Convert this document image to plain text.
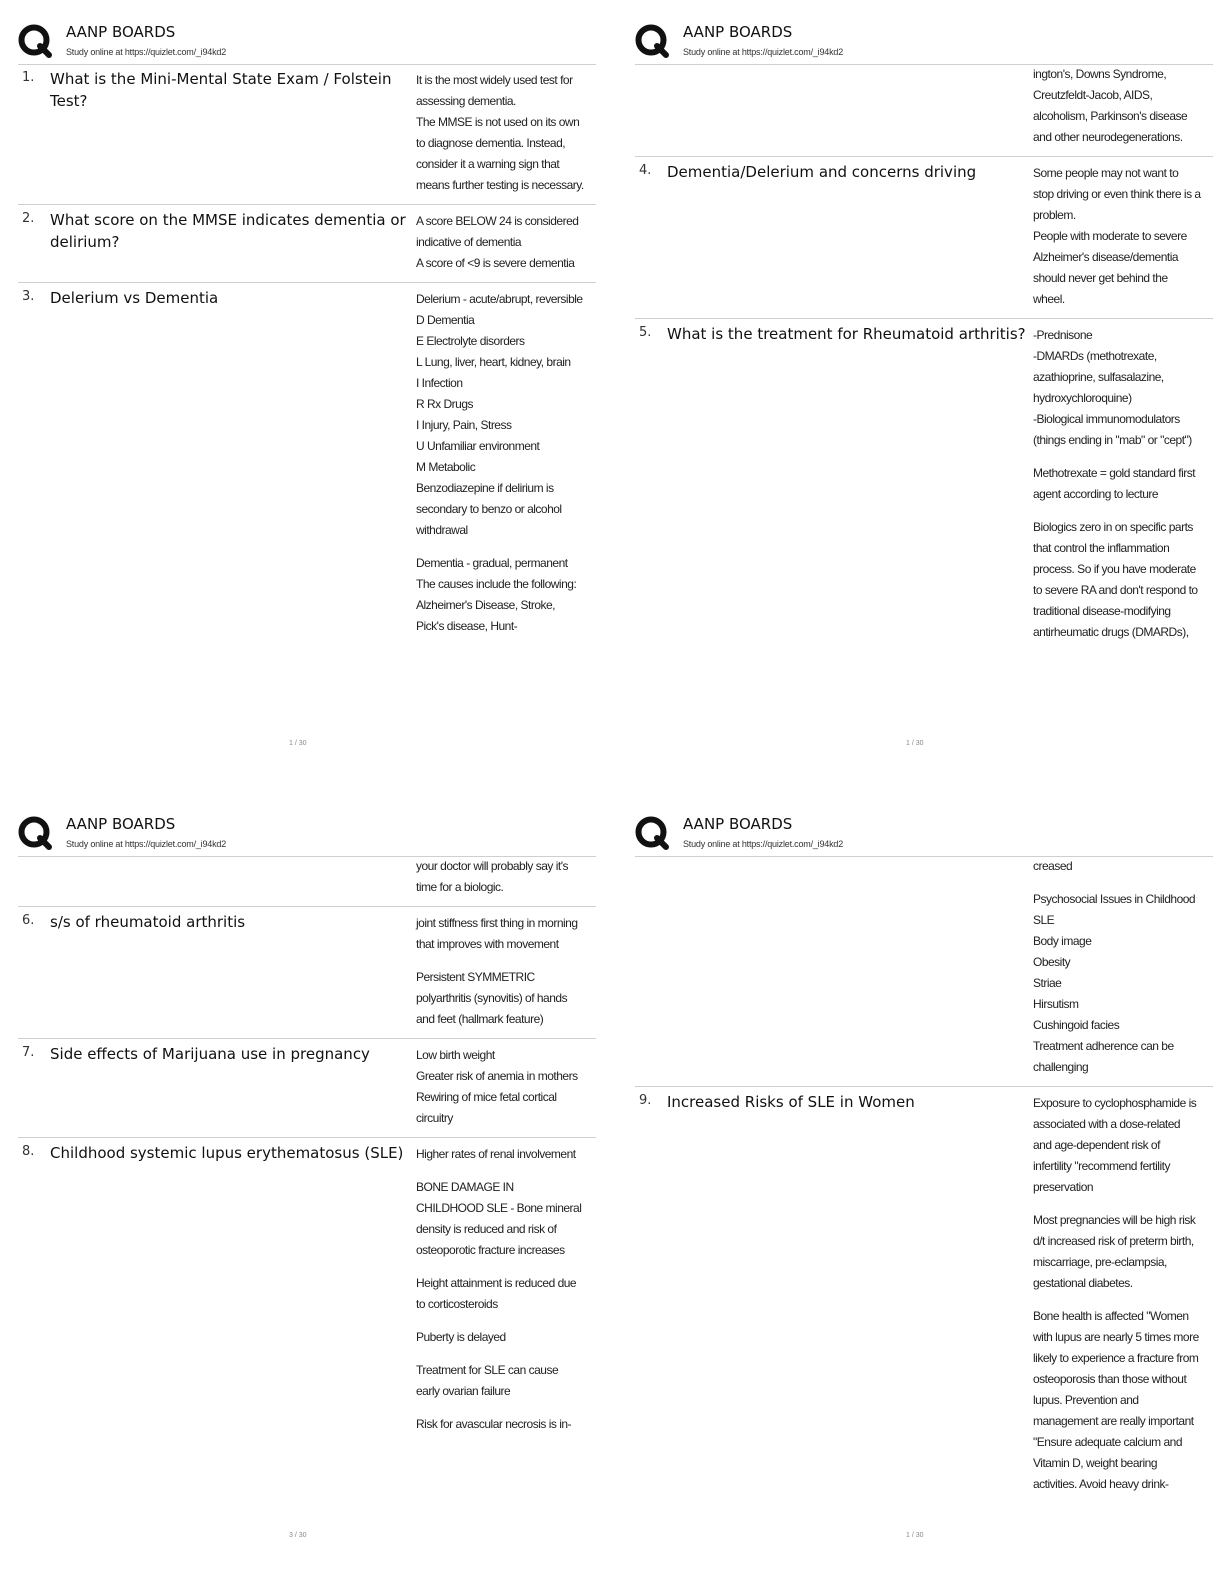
AANP BOARDS
Study online at https://quizlet.com/_i94kd2
1. What is the Mini-Mental State Exam / Folstein Test?

It is the most widely used test for assessing dementia.
The MMSE is not used on its own to diagnose dementia. Instead, consider it a warning sign that means further testing is necessary.

2. What score on the MMSE indicates dementia or delirium?

A score BELOW 24 is considered indicative of dementia
A score of <9 is severe dementia

3. Delerium vs Dementia	Delerium - acute/abrupt, reversible
D Dementia
E Electrolyte disorders
L Lung, liver, heart, kidney, brain
I Infection
R Rx Drugs
I Injury, Pain, Stress
U Unfamiliar environment
M Metabolic
Benzodiazepine if delirium is secondary to benzo or alcohol withdrawal

Dementia - gradual, permanent
The causes include the following: Alzheimer's Disease, Stroke, Pick's disease, Hunt-

1 / 30
AANP BOARDS
Study online at https://quizlet.com/_i94kd2

ington's, Downs Syndrome, Creutzfeldt-Jacob, AIDS, alcoholism, Parkinson's disease and other neurodegenerations.

4. Dementia/Delerium and concerns driving	Some people may not want to stop driving or even think there is a problem.
People with moderate to severe Alzheimer's disease/dementia should never get behind the wheel.

5. What is the treatment for Rheumatoid arthritis? -Prednisone
-DMARDs (methotrexate, azathioprine, sulfasalazine, hydroxychloroquine)
-Biological immunomodulators (things ending in "mab" or "cept")

Methotrexate = gold standard first agent according to lecture

Biologics zero in on specific parts that control the inflammation process. So if you have moderate to severe RA and don't respond to traditional disease-modifying antirheumatic drugs (DMARDs),

1 / 30
AANP BOARDS
Study online at https://quizlet.com/_i94kd2

your doctor will probably say it's time for a biologic.

6. s/s of rheumatoid arthritis	joint stiffness first thing in morning that improves with movement

Persistent SYMMETRIC polyarthritis (synovitis) of hands and feet (hallmark feature)

7. Side effects of Marijuana use in pregnancy	Low birth weight
Greater risk of anemia in mothers
Rewiring of mice fetal cortical circuitry

8. Childhood systemic lupus erythematosus (SLE)	Higher rates of renal involvement

BONE DAMAGE IN CHILDHOOD SLE - Bone mineral density is reduced and risk of osteoporotic fracture increases

Height attainment is reduced due to corticosteroids

Puberty is delayed

Treatment for SLE can cause early ovarian failure

Risk for avascular necrosis is in-

3 / 30
AANP BOARDS
Study online at https://quizlet.com/_i94kd2

creased

Psychosocial Issues in Childhood SLE
Body image
Obesity
Striae
Hirsutism
Cushingoid facies
Treatment adherence can be challenging

9. Increased Risks of SLE in Women	Exposure to cyclophosphamide is associated with a dose-related and age-dependent risk of infertility "recommend fertility preservation

Most pregnancies will be high risk d/t increased risk of preterm birth, miscarriage, pre-eclampsia, gestational diabetes.

Bone health is affected "Women with lupus are nearly 5 times more likely to experience a fracture from osteoporosis than those without lupus. Prevention and management are really important "Ensure adequate calcium and Vitamin D, weight bearing activities. Avoid heavy drink-

1 / 30
